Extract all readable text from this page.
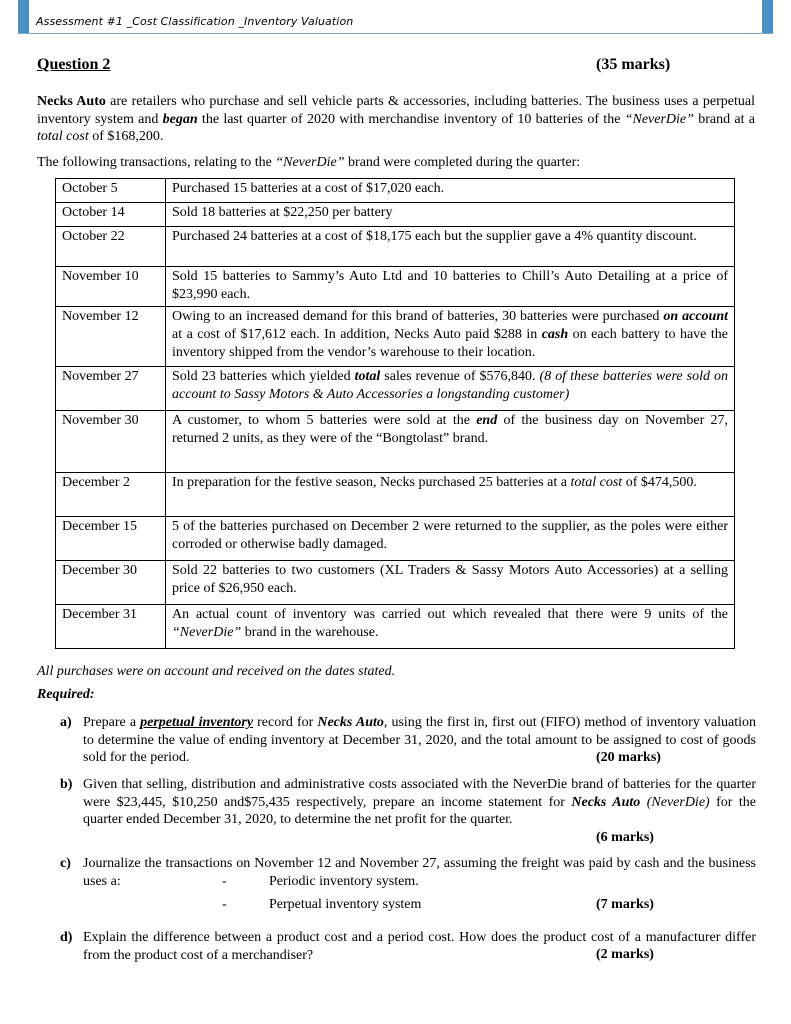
Assessment #1 _Cost Classification _Inventory Valuation
Question 2	(35 marks)
Necks Auto are retailers who purchase and sell vehicle parts & accessories, including batteries. The business uses a perpetual inventory system and began the last quarter of 2020 with merchandise inventory of 10 batteries of the “NeverDie” brand at a total cost of $168,200.
The following transactions, relating to the “NeverDie” brand were completed during the quarter:
October 5	Purchased 15 batteries at a cost of $17,020 each.
October 14	Sold 18 batteries at $22,250 per battery
October 22	Purchased 24 batteries at a cost of $18,175 each but the supplier gave a 4% quantity discount.
November 10	Sold 15 batteries to Sammy’s Auto Ltd and 10 batteries to Chill’s Auto Detailing at a price of $23,990 each.
November 12	Owing to an increased demand for this brand of batteries, 30 batteries were purchased on account at a cost of $17,612 each. In addition, Necks Auto paid $288 in cash on each battery to have the inventory shipped from the vendor’s warehouse to their location.
November 27	Sold 23 batteries which yielded total sales revenue of $576,840. (8 of these batteries were sold on account to Sassy Motors & Auto Accessories a longstanding customer)
November 30	A customer, to whom 5 batteries were sold at the end of the business day on November 27, returned 2 units, as they were of the “Bongtolast” brand.
December 2	In preparation for the festive season, Necks purchased 25 batteries at a total cost of $474,500.
December 15	5 of the batteries purchased on December 2 were returned to the supplier, as the poles were either corroded or otherwise badly damaged.
December 30	Sold 22 batteries to two customers (XL Traders & Sassy Motors Auto Accessories) at a selling price of $26,950 each.
December 31	An actual count of inventory was carried out which revealed that there were 9 units of the “NeverDie” brand in the warehouse.
All purchases were on account and received on the dates stated.
Required:
a) Prepare a perpetual inventory record for Necks Auto, using the first in, first out (FIFO) method of inventory valuation to determine the value of ending inventory at December 31, 2020, and the total amount to be assigned to cost of goods sold for the period.	(20 marks)
b) Given that selling, distribution and administrative costs associated with the NeverDie brand of batteries for the quarter were $23,445, $10,250 and$75,435 respectively, prepare an income statement for Necks Auto (NeverDie) for the quarter ended December 31, 2020, to determine the net profit for the quarter.
(6 marks)
c) Journalize the transactions on November 12 and November 27, assuming the freight was paid by cash and the business uses a:	-	Periodic inventory system.
-	Perpetual inventory system	(7 marks)
d) Explain the difference between a product cost and a period cost. How does the product cost of a manufacturer differ from the product cost of a merchandiser?	(2 marks)
